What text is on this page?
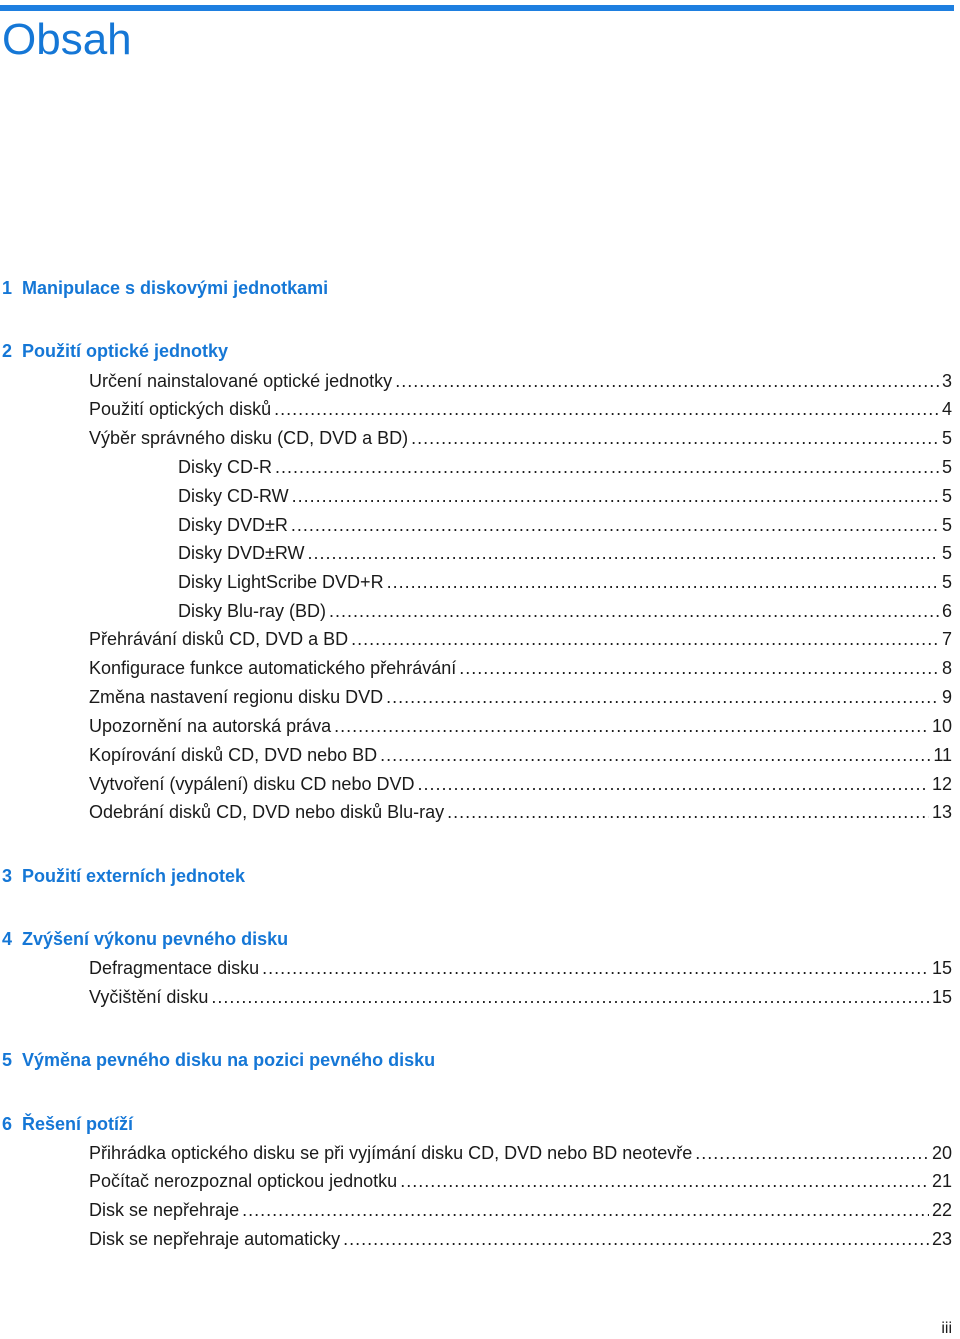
Obsah
1 Manipulace s diskovými jednotkami
2 Použití optické jednotky
Určení nainstalované optické jednotky .....	3
Použití optických disků .....	4
Výběr správného disku (CD, DVD a BD) .....	5
Disky CD-R .....	5
Disky CD-RW .....	5
Disky DVD±R .....	5
Disky DVD±RW .....	5
Disky LightScribe DVD+R .....	5
Disky Blu-ray (BD) .....	6
Přehrávání disků CD, DVD a BD .....	7
Konfigurace funkce automatického přehrávání .....	8
Změna nastavení regionu disku DVD .....	9
Upozornění na autorská práva .....	10
Kopírování disků CD, DVD nebo BD .....	11
Vytvoření (vypálení) disku CD nebo DVD .....	12
Odebrání disků CD, DVD nebo disků Blu-ray .....	13
3 Použití externích jednotek
4 Zvýšení výkonu pevného disku
Defragmentace disku .....	15
Vyčištění disku .....	15
5 Výměna pevného disku na pozici pevného disku
6 Řešení potíží
Přihrádka optického disku se při vyjímání disku CD, DVD nebo BD neotevře .....	20
Počítač nerozpoznal optickou jednotku .....	21
Disk se nepřehraje .....	22
Disk se nepřehraje automaticky .....	23
iii
